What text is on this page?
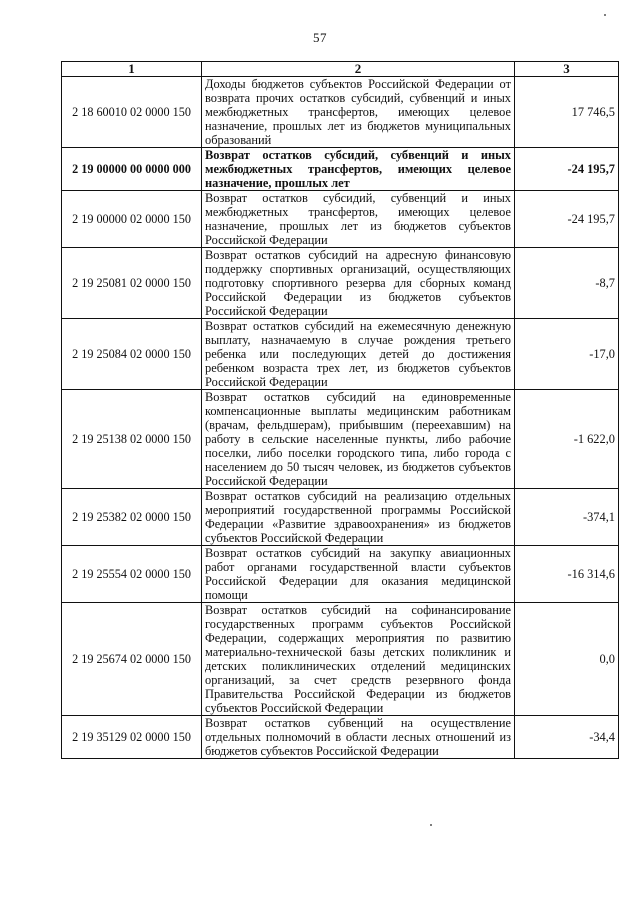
57
1	2	3
2 18 60010 02 0000 150	Доходы бюджетов субъектов Российской Федерации от возврата прочих остатков субсидий, субвенций и иных межбюджетных трансфертов, имеющих целевое назначение, прошлых лет из бюджетов муниципальных образований	17 746,5
2 19 00000 00 0000 000	Возврат остатков субсидий, субвенций и иных межбюджетных трансфертов, имеющих целевое назначение, прошлых лет	-24 195,7
2 19 00000 02 0000 150	Возврат остатков субсидий, субвенций и иных межбюджетных трансфертов, имеющих целевое назначение, прошлых лет из бюджетов субъектов Российской Федерации	-24 195,7
2 19 25081 02 0000 150	Возврат остатков субсидий на адресную финансовую поддержку спортивных организаций, осуществляющих подготовку спортивного резерва для сборных команд Российской Федерации из бюджетов субъектов Российской Федерации	-8,7
2 19 25084 02 0000 150	Возврат остатков субсидий на ежемесячную денежную выплату, назначаемую в случае рождения третьего ребенка или последующих детей до достижения ребенком возраста трех лет, из бюджетов субъектов Российской Федерации	-17,0
2 19 25138 02 0000 150	Возврат остатков субсидий на единовременные компенсационные выплаты медицинским работникам (врачам, фельдшерам), прибывшим (переехавшим) на работу в сельские населенные пункты, либо рабочие поселки, либо поселки городского типа, либо города с населением до 50 тысяч человек, из бюджетов субъектов Российской Федерации	-1 622,0
2 19 25382 02 0000 150	Возврат остатков субсидий на реализацию отдельных мероприятий государственной программы Российской Федерации «Развитие здравоохранения» из бюджетов субъектов Российской Федерации	-374,1
2 19 25554 02 0000 150	Возврат остатков субсидий на закупку авиационных работ органами государственной власти субъектов Российской Федерации для оказания медицинской помощи	-16 314,6
2 19 25674 02 0000 150	Возврат остатков субсидий на софинансирование государственных программ субъектов Российской Федерации, содержащих мероприятия по развитию материально-технической базы детских поликлиник и детских поликлинических отделений медицинских организаций, за счет средств резервного фонда Правительства Российской Федерации из бюджетов субъектов Российской Федерации	0,0
2 19 35129 02 0000 150	Возврат остатков субвенций на осуществление отдельных полномочий в области лесных отношений из бюджетов субъектов Российской Федерации	-34,4
